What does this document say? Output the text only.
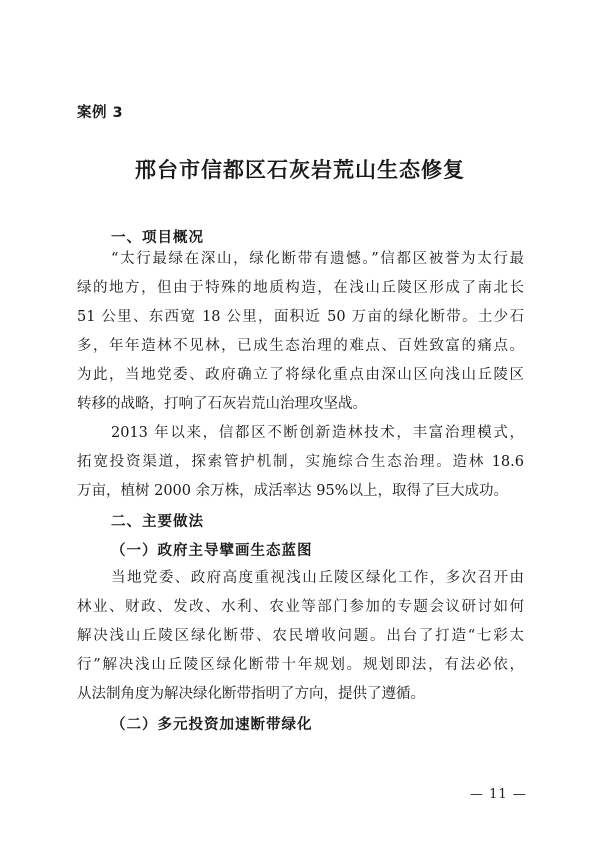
案例 3
邢台市信都区石灰岩荒山生态修复
一、项目概况
“太行最绿在深山，绿化断带有遗憾。”信都区被誉为太行最
绿的地方，但由于特殊的地质构造，在浅山丘陵区形成了南北长
51 公里、东西宽 18 公里，面积近 50 万亩的绿化断带。土少石
多，年年造林不见林，已成生态治理的难点、百姓致富的痛点。
为此，当地党委、政府确立了将绿化重点由深山区向浅山丘陵区
转移的战略，打响了石灰岩荒山治理攻坚战。
2013 年以来，信都区不断创新造林技术，丰富治理模式，
拓宽投资渠道，探索管护机制，实施综合生态治理。造林 18.6
万亩，植树 2000 余万株，成活率达 95%以上，取得了巨大成功。
二、主要做法
（一）政府主导擘画生态蓝图
当地党委、政府高度重视浅山丘陵区绿化工作，多次召开由
林业、财政、发改、水利、农业等部门参加的专题会议研讨如何
解决浅山丘陵区绿化断带、农民增收问题。出台了打造“七彩太
行”解决浅山丘陵区绿化断带十年规划。规划即法，有法必依，
从法制角度为解决绿化断带指明了方向，提供了遵循。
（二）多元投资加速断带绿化
— 11 —
